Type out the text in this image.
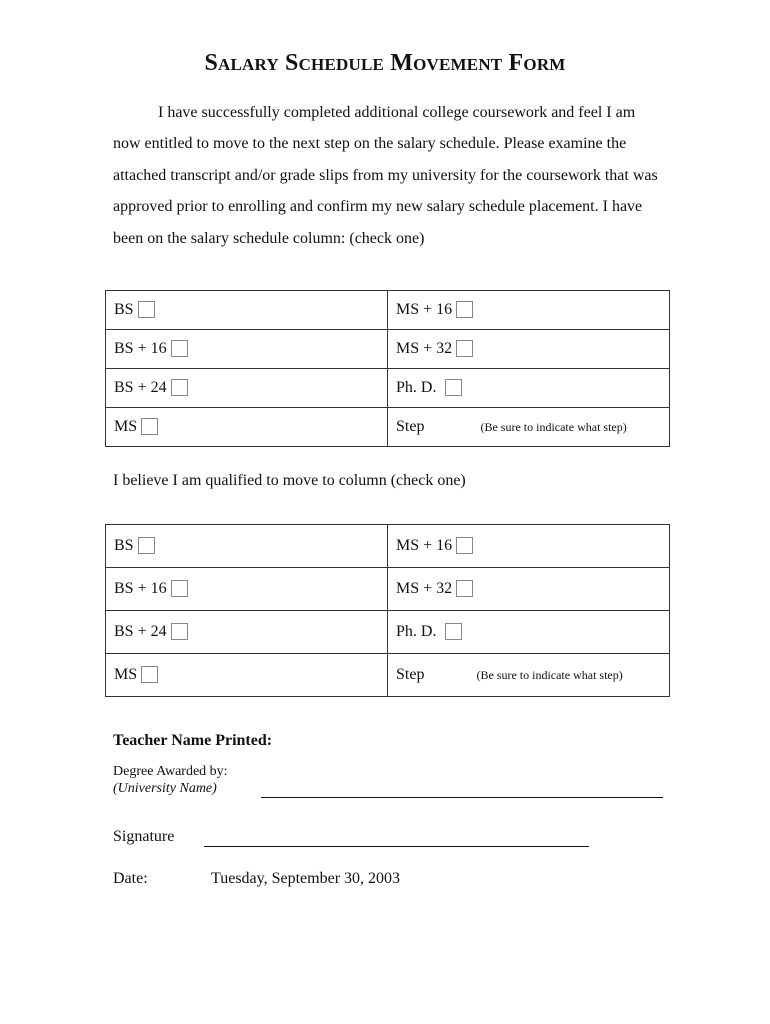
Salary Schedule Movement Form
I have successfully completed additional college coursework and feel I am now entitled to move to the next step on the salary schedule. Please examine the attached transcript and/or grade slips from my university for the coursework that was approved prior to enrolling and confirm my new salary schedule placement. I have been on the salary schedule column: (check one)
BS	MS + 16
BS + 16	MS + 32
BS + 24	Ph. D.
MS	Step (Be sure to indicate what step)
I believe I am qualified to move to column (check one)
BS	MS + 16
BS + 16	MS + 32
BS + 24	Ph. D.
MS	Step (Be sure to indicate what step)
Teacher Name Printed:
Degree Awarded by:
(University Name)
Signature
Date:	Tuesday, September 30, 2003
